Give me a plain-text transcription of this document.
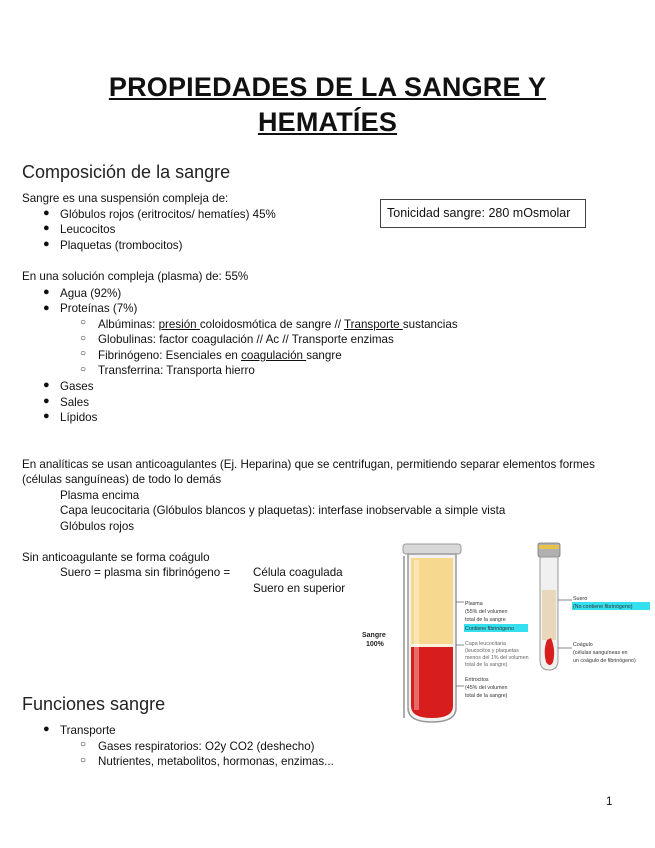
PROPIEDADES DE LA SANGRE Y
HEMATÍES
Composición de la sangre
Sangre es una suspensión compleja de:
● Glóbulos rojos (eritrocitos/ hematíes) 45%
● Leucocitos
● Plaquetas (trombocitos)
Tonicidad sangre: 280 mOsmolar
En una solución compleja (plasma) de: 55%
● Agua (92%)
● Proteínas (7%)
○ Albúminas: presión coloidosmótica de sangre // Transporte sustancias
○ Globulinas: factor coagulación // Ac // Transporte enzimas
○ Fibrinógeno: Esenciales en coagulación sangre
○ Transferrina: Transporta hierro
● Gases
● Sales
● Lípidos
En analíticas se usan anticoagulantes (Ej. Heparina) que se centrifugan, permitiendo separar elementos formes
(células sanguíneas) de todo lo demás
Plasma encima
Capa leucocitaria (Glóbulos blancos y plaquetas): interfase inobservable a simple vista
Glóbulos rojos
Sin anticoagulante se forma coágulo
Suero = plasma sin fibrinógeno = Célula coagulada
Suero en superior
Sangre
100%
Plasma
(55% del volumen
total de la sangre
Contiene fibrinógeno
Capa leucocitaria
(leucocitos y plaquetas
menos del 1% del volumen
total de la sangre)
Eritrocitos
(45% del volumen
total de la sangre)
Suero
(No contiene fibrinógeno)
Coágulo
(células sanguíneas en
un coágulo de fibrinógeno)
Funciones sangre
● Transporte
○ Gases respiratorios: O2y CO2 (deshecho)
○ Nutrientes, metabolitos, hormonas, enzimas...
1
